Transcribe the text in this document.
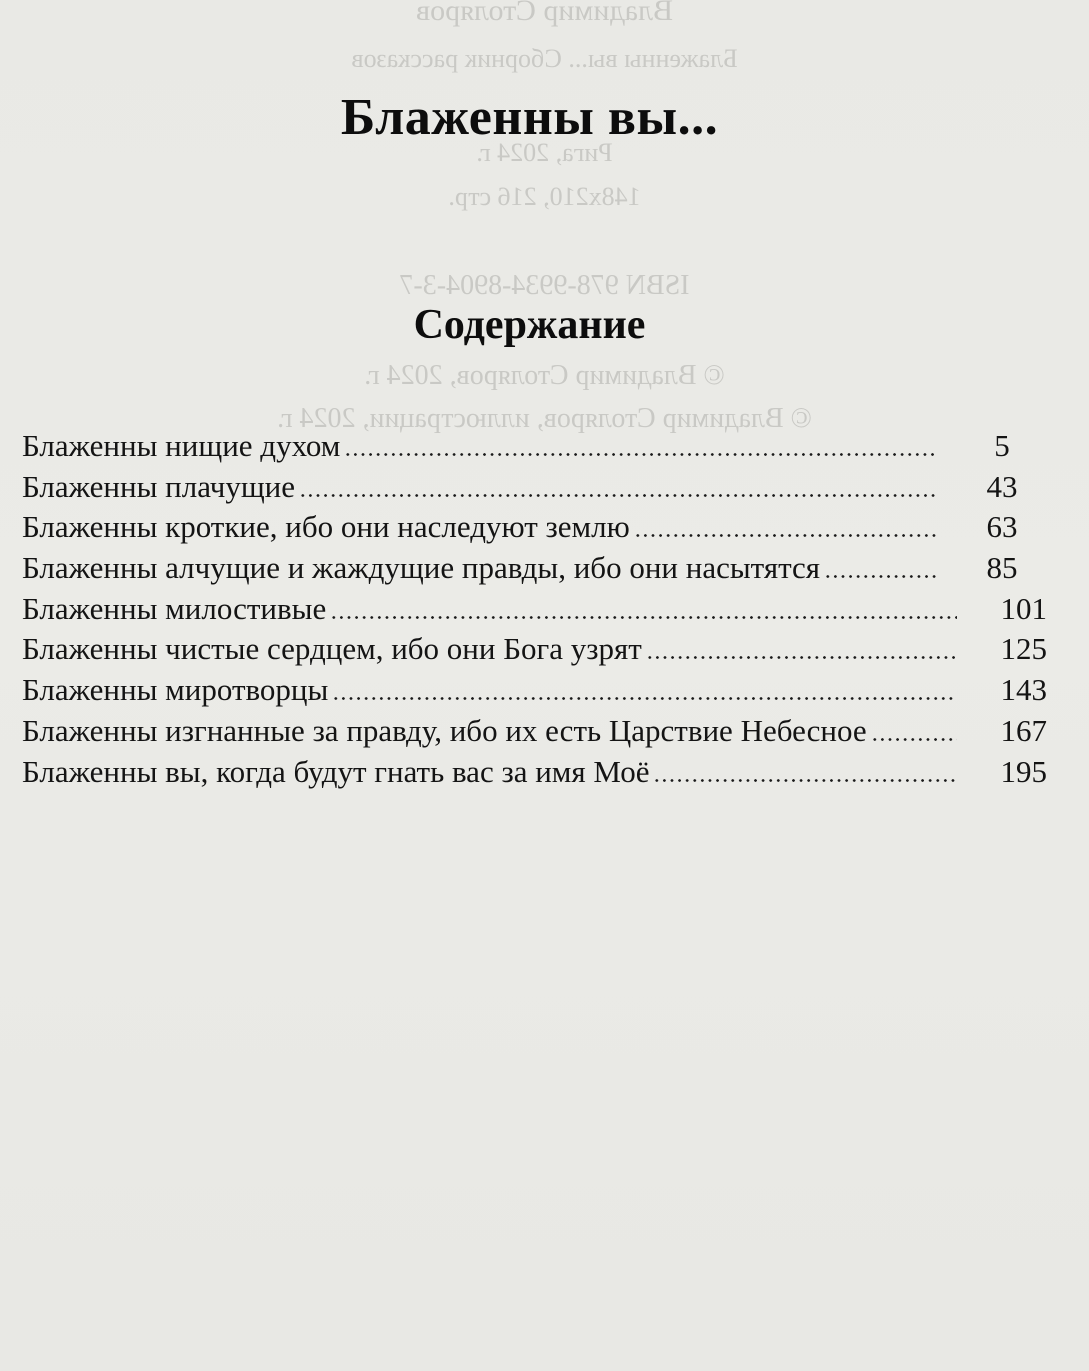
Владимир Столяров
Блаженны вы... Сборник рассказов
Рига, 2024 г.
148х210, 216 стр.
ISBN 978-9934-8904-3-7
© Владимир Столяров, 2024 г.
© Владимир Столяров, иллюстрации, 2024 г.
Блаженны вы...
Содержание
Блаженны нищие духом	5
Блаженны плачущие	43
Блаженны кроткие, ибо они наследуют землю	63
Блаженны алчущие и жаждущие правды, ибо они насытятся	85
Блаженны милостивые	101
Блаженны чистые сердцем, ибо они Бога узрят	125
Блаженны миротворцы	143
Блаженны изгнанные за правду, ибо их есть Царствие Небесное	167
Блаженны вы, когда будут гнать вас за имя Моё	195
